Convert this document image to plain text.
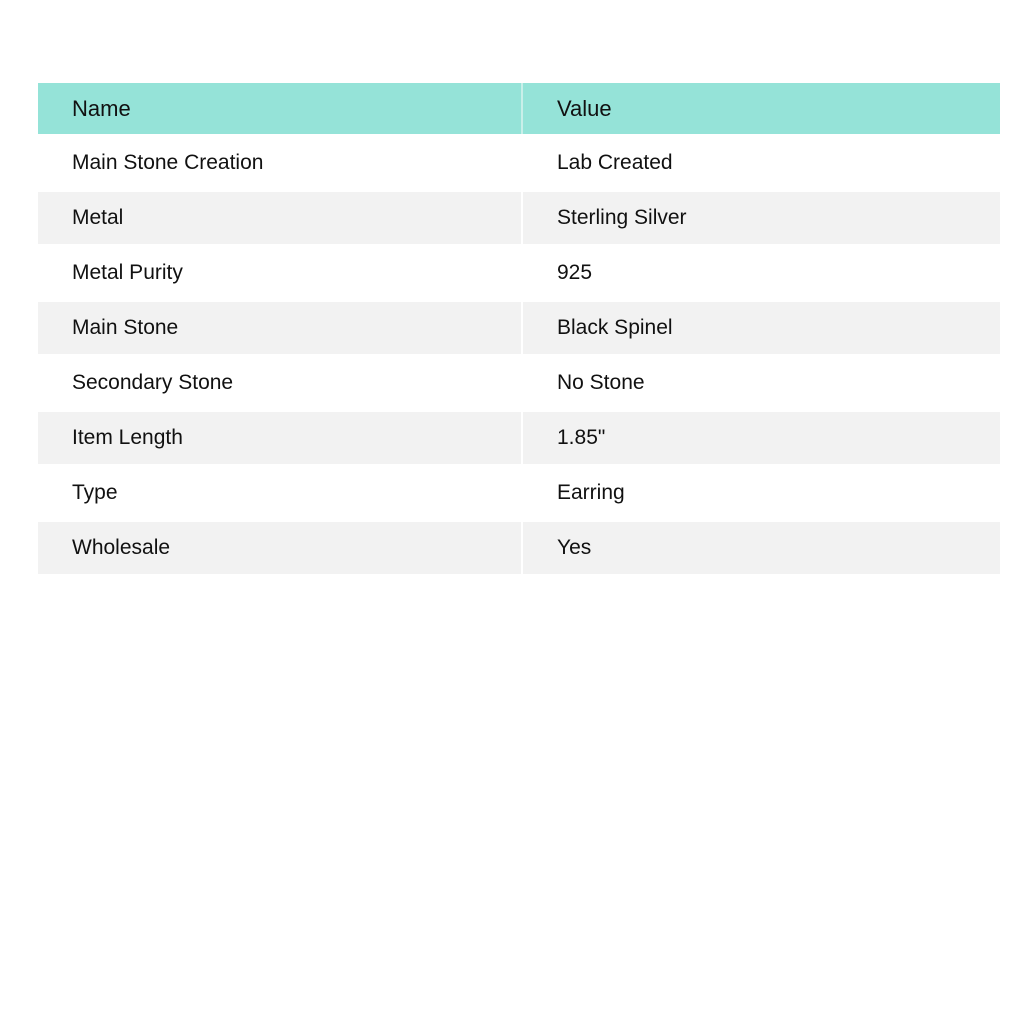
Name	Value
Main Stone Creation	Lab Created
Metal	Sterling Silver
Metal Purity	925
Main Stone	Black Spinel
Secondary Stone	No Stone
Item Length	1.85"
Type	Earring
Wholesale	Yes
